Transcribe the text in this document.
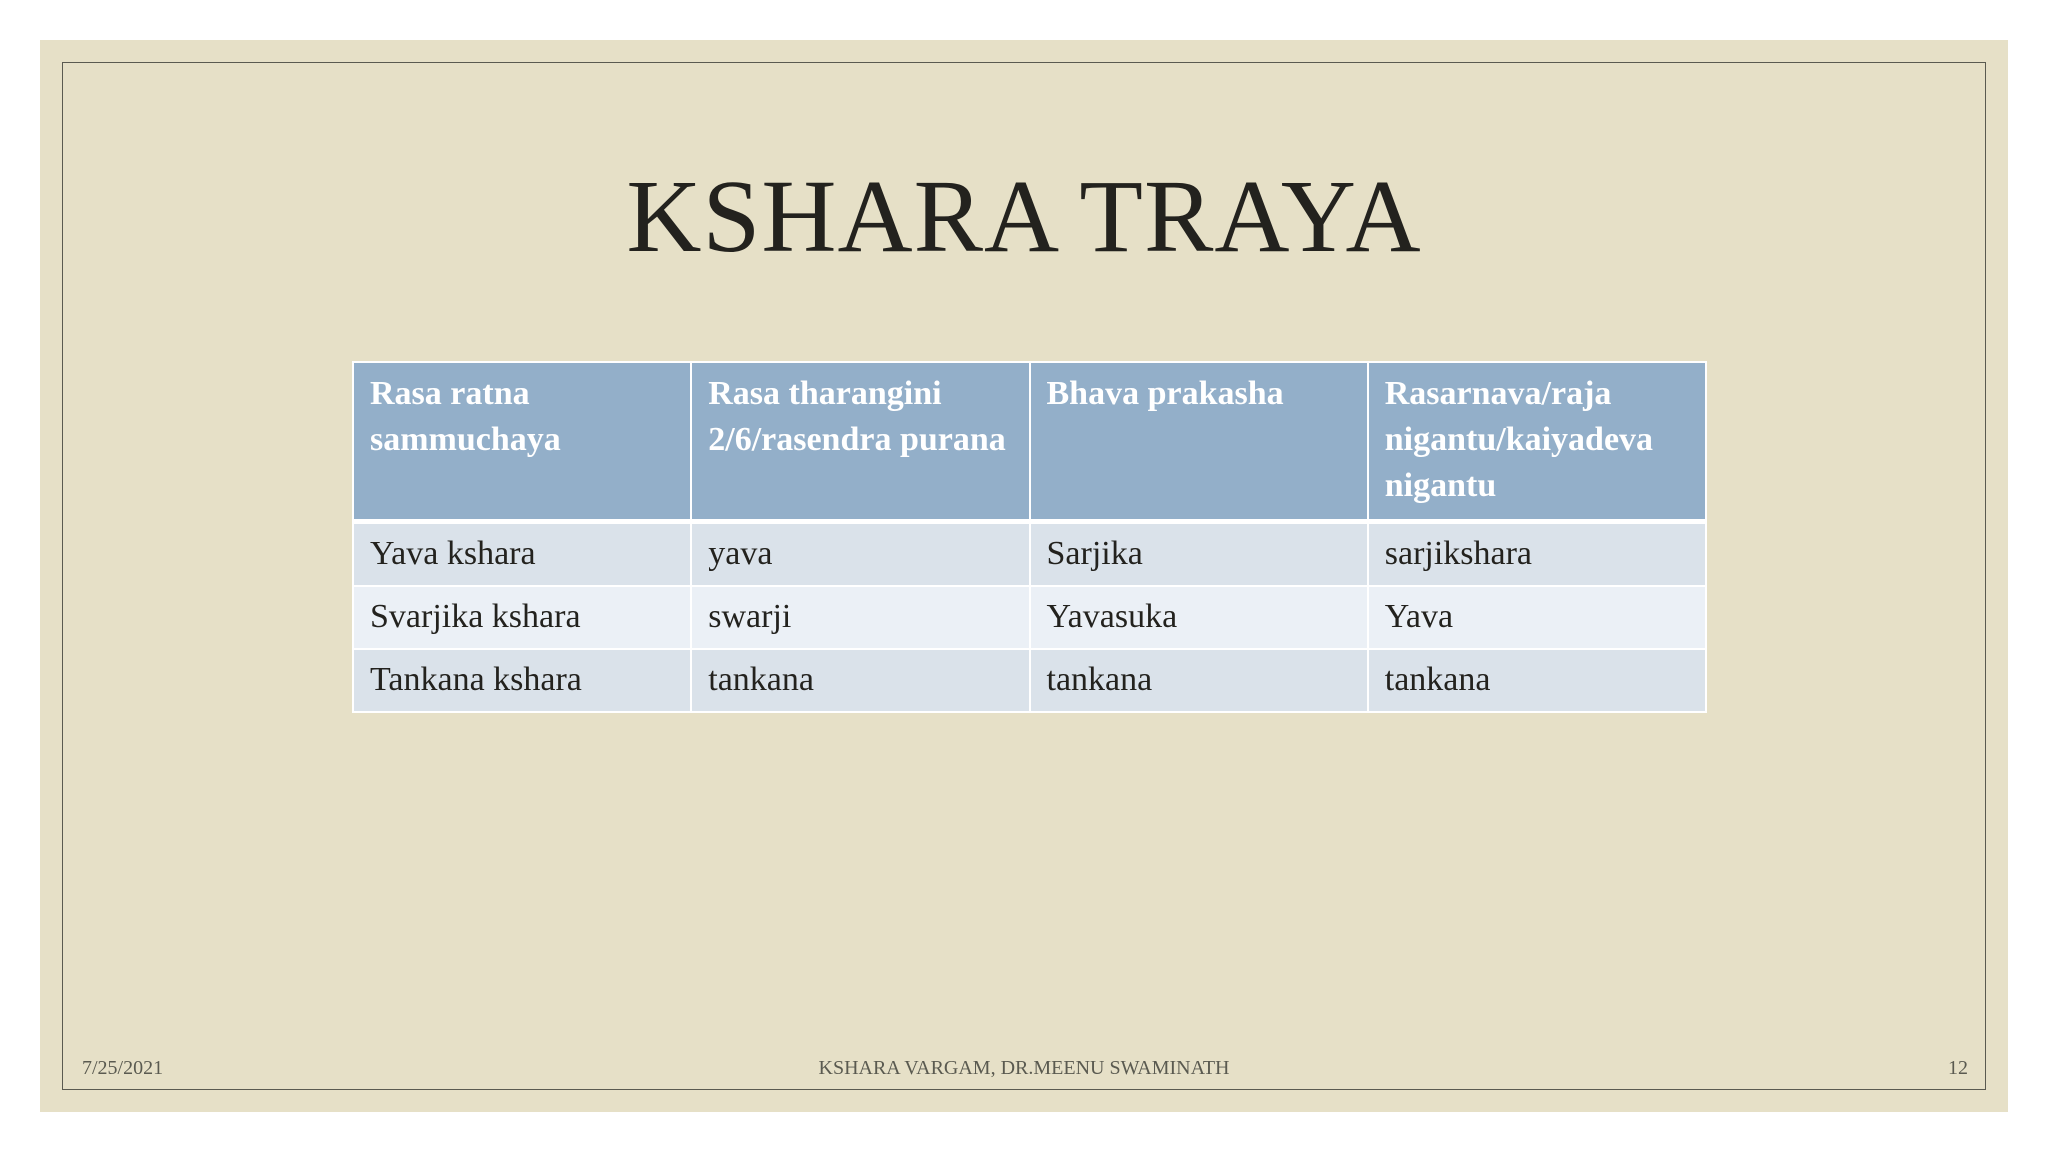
KSHARA TRAYA
Rasa ratna sammuchaya	Rasa tharangini 2/6/rasendra purana	Bhava prakasha	Rasarnava/raja nigantu/kaiyadeva nigantu
Yava kshara	yava	Sarjika	sarjikshara
Svarjika kshara	swarji	Yavasuka	Yava
Tankana kshara	tankana	tankana	tankana
7/25/2021	KSHARA VARGAM, DR.MEENU SWAMINATH	12
